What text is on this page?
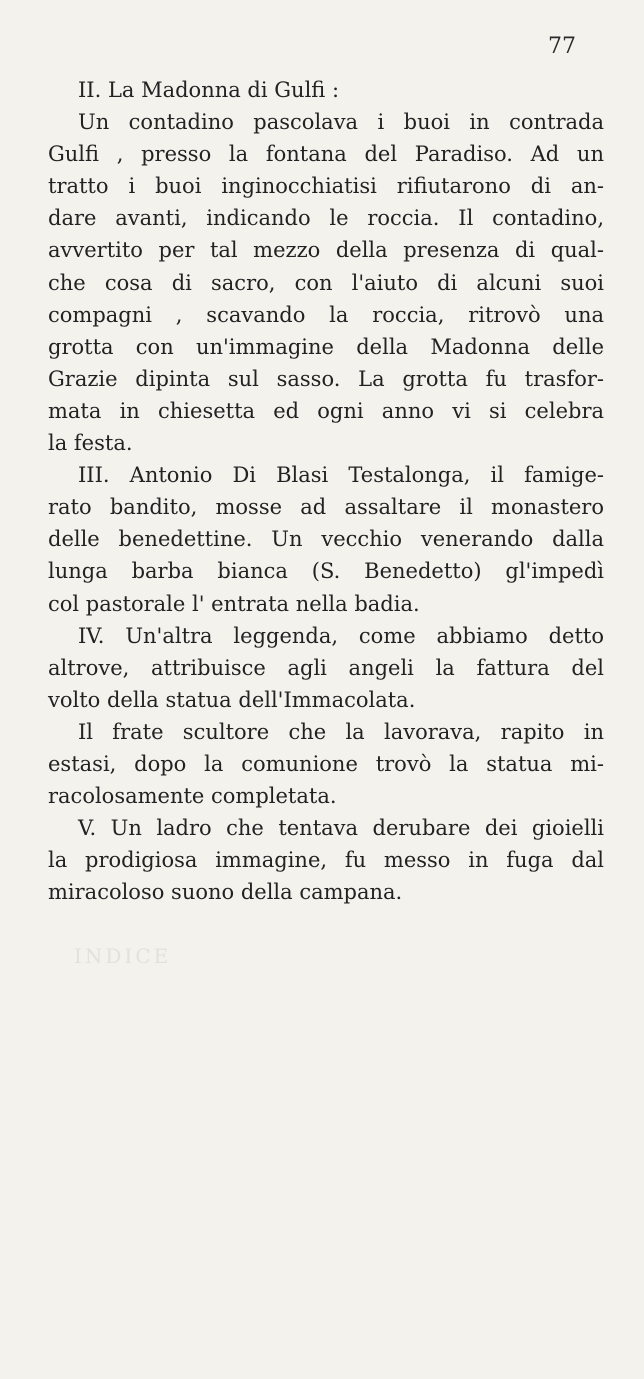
77
II. La Madonna di Gulfi :
Un contadino pascolava i buoi in contrada
Gulfi , presso la fontana del Paradiso. Ad un
tratto i buoi inginocchiatisi rifiutarono di an-
dare avanti, indicando le roccia. Il contadino,
avvertito per tal mezzo della presenza di qual-
che cosa di sacro, con l'aiuto di alcuni suoi
compagni , scavando la roccia, ritrovò una
grotta con un'immagine della Madonna delle
Grazie dipinta sul sasso. La grotta fu trasfor-
mata in chiesetta ed ogni anno vi si celebra
la festa.
III. Antonio Di Blasi Testalonga, il famige-
rato bandito, mosse ad assaltare il monastero
delle benedettine. Un vecchio venerando dalla
lunga barba bianca (S. Benedetto) gl'impedì
col pastorale l' entrata nella badia.
IV. Un'altra leggenda, come abbiamo detto
altrove, attribuisce agli angeli la fattura del
volto della statua dell'Immacolata.
Il frate scultore che la lavorava, rapito in
estasi, dopo la comunione trovò la statua mi-
racolosamente completata.
V. Un ladro che tentava derubare dei gioielli
la prodigiosa immagine, fu messo in fuga dal
miracoloso suono della campana.
INDICE
